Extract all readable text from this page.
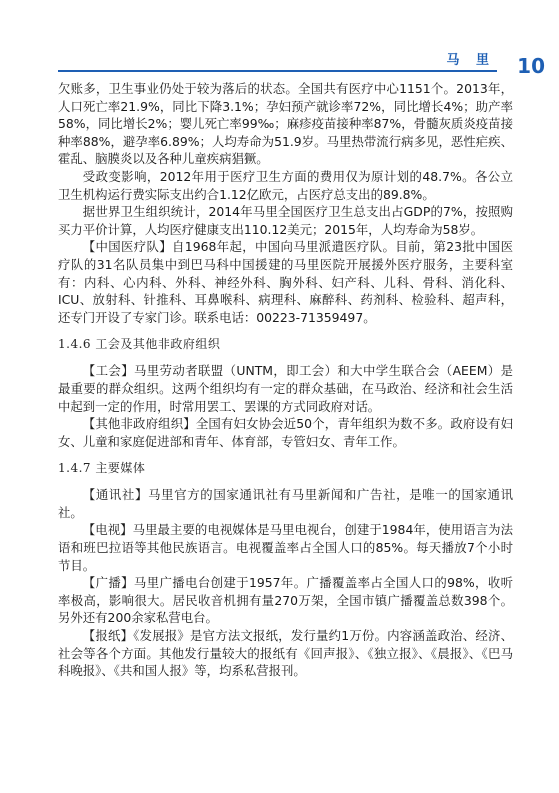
马 里 10

欠账多，卫生事业仍处于较为落后的状态。全国共有医疗中心1151个。2013年，人口死亡率21.9%，同比下降3.1%；孕妇预产就诊率72%，同比增长4%；助产率58%，同比增长2%；婴儿死亡率99‰；麻疹疫苗接种率87%，骨髓灰质炎疫苗接种率88%，避孕率6.89%；人均寿命为51.9岁。马里热带流行病多见，恶性疟疾、霍乱、脑膜炎以及各种儿童疾病猖獗。

受政变影响，2012年用于医疗卫生方面的费用仅为原计划的48.7%。各公立卫生机构运行费实际支出约合1.12亿欧元，占医疗总支出的89.8%。

据世界卫生组织统计，2014年马里全国医疗卫生总支出占GDP的7%，按照购买力平价计算，人均医疗健康支出110.12美元；2015年，人均寿命为58岁。

【中国医疗队】自1968年起，中国向马里派遣医疗队。目前，第23批中国医疗队的31名队员集中到巴马科中国援建的马里医院开展援外医疗服务，主要科室有：内科、心内科、外科、神经外科、胸外科、妇产科、儿科、骨科、消化科、ICU、放射科、针推科、耳鼻喉科、病理科、麻醉科、药剂科、检验科、超声科，还专门开设了专家门诊。联系电话：00223-71359497。

1.4.6 工会及其他非政府组织

【工会】马里劳动者联盟（UNTM，即工会）和大中学生联合会（AEEM）是最重要的群众组织。这两个组织均有一定的群众基础，在马政治、经济和社会生活中起到一定的作用，时常用罢工、罢课的方式同政府对话。

【其他非政府组织】全国有妇女协会近50个，青年组织为数不多。政府设有妇女、儿童和家庭促进部和青年、体育部，专管妇女、青年工作。

1.4.7 主要媒体

【通讯社】马里官方的国家通讯社有马里新闻和广告社，是唯一的国家通讯社。

【电视】马里最主要的电视媒体是马里电视台，创建于1984年，使用语言为法语和班巴拉语等其他民族语言。电视覆盖率占全国人口的85%。每天播放7个小时节目。

【广播】马里广播电台创建于1957年。广播覆盖率占全国人口的98%，收听率极高，影响很大。居民收音机拥有量270万架，全国市镇广播覆盖总数398个。另外还有200余家私营电台。

【报纸】《发展报》是官方法文报纸，发行量约1万份。内容涵盖政治、经济、社会等各个方面。其他发行量较大的报纸有《回声报》、《独立报》、《晨报》、《巴马科晚报》、《共和国人报》等，均系私营报刊。
